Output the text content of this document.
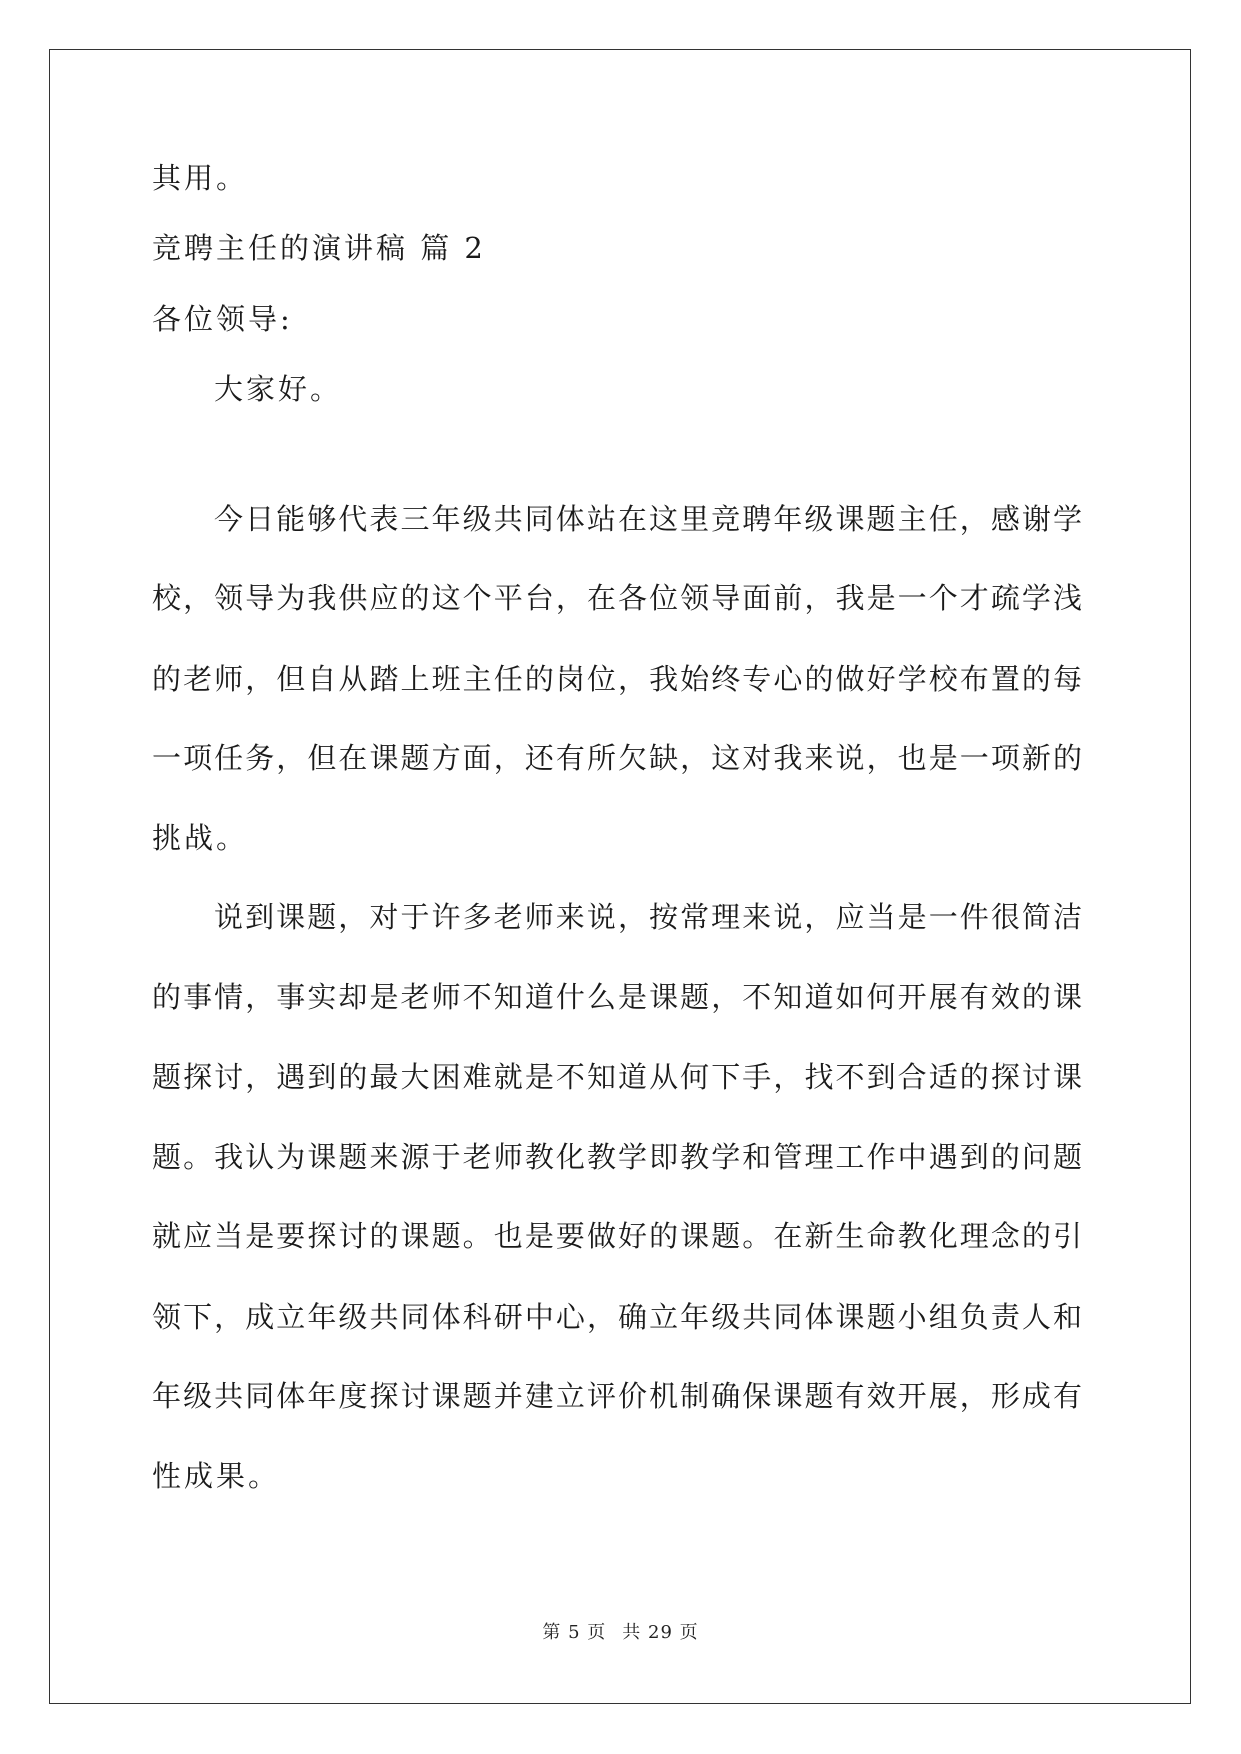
其用。
竞聘主任的演讲稿 篇 2
各位领导:
大家好。
今日能够代表三年级共同体站在这里竞聘年级课题主任，感谢学
校，领导为我供应的这个平台，在各位领导面前，我是一个才疏学浅
的老师，但自从踏上班主任的岗位，我始终专心的做好学校布置的每
一项任务，但在课题方面，还有所欠缺，这对我来说，也是一项新的
挑战。
说到课题，对于许多老师来说，按常理来说，应当是一件很简洁
的事情，事实却是老师不知道什么是课题，不知道如何开展有效的课
题探讨，遇到的最大困难就是不知道从何下手，找不到合适的探讨课
题。我认为课题来源于老师教化教学即教学和管理工作中遇到的问题
就应当是要探讨的课题。也是要做好的课题。在新生命教化理念的引
领下，成立年级共同体科研中心，确立年级共同体课题小组负责人和
年级共同体年度探讨课题并建立评价机制确保课题有效开展，形成有
性成果。
第 5 页 共 29 页
